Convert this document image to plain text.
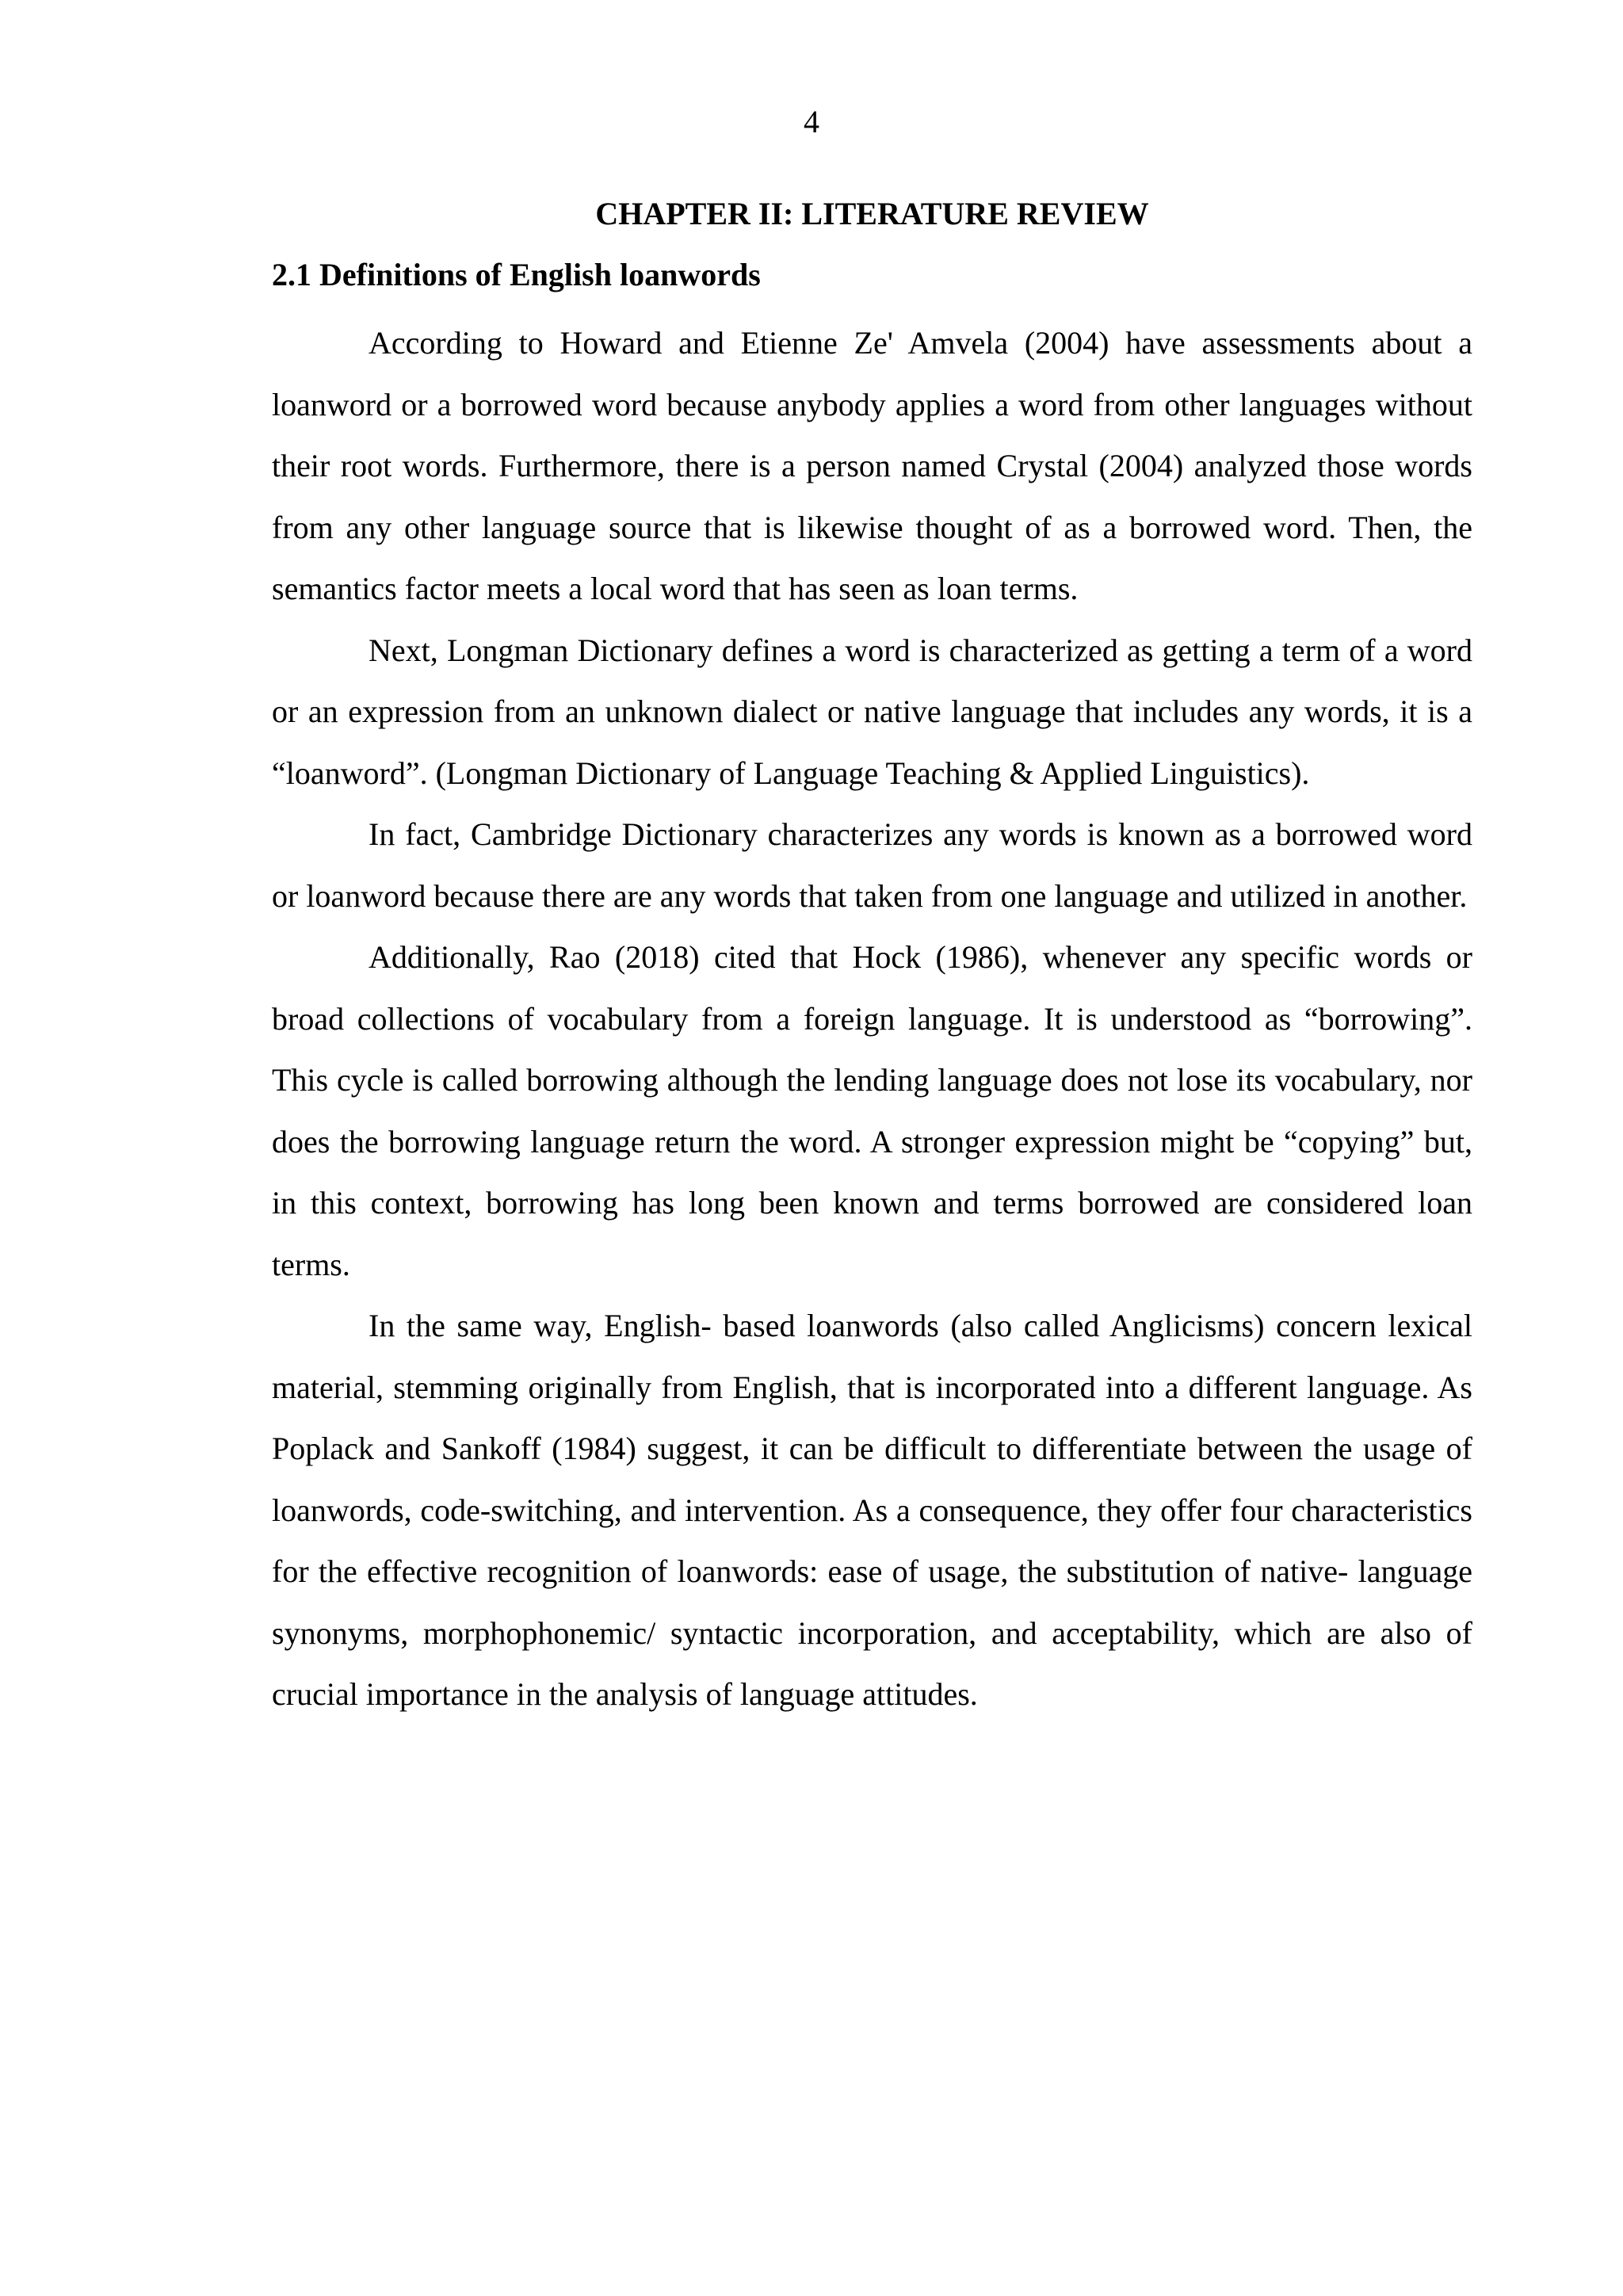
4
CHAPTER II: LITERATURE REVIEW
2.1 Definitions of English loanwords

According to Howard and Etienne Ze' Amvela (2004) have assessments about a loanword or a borrowed word because anybody applies a word from other languages without their root words. Furthermore, there is a person named Crystal (2004) analyzed those words from any other language source that is likewise thought of as a borrowed word. Then, the semantics factor meets a local word that has seen as loan terms.

Next, Longman Dictionary defines a word is characterized as getting a term of a word or an expression from an unknown dialect or native language that includes any words, it is a “loanword”. (Longman Dictionary of Language Teaching & Applied Linguistics).

In fact, Cambridge Dictionary characterizes any words is known as a borrowed word or loanword because there are any words that taken from one language and utilized in another.

Additionally, Rao (2018) cited that Hock (1986), whenever any specific words or broad collections of vocabulary from a foreign language. It is understood as “borrowing”. This cycle is called borrowing although the lending language does not lose its vocabulary, nor does the borrowing language return the word. A stronger expression might be “copying” but, in this context, borrowing has long been known and terms borrowed are considered loan terms.

In the same way, English- based loanwords (also called Anglicisms) concern lexical material, stemming originally from English, that is incorporated into a different language. As Poplack and Sankoff (1984) suggest, it can be difficult to differentiate between the usage of loanwords, code-switching, and intervention. As a consequence, they offer four characteristics for the effective recognition of loanwords: ease of usage, the substitution of native- language synonyms, morphophonemic/ syntactic incorporation, and acceptability, which are also of crucial importance in the analysis of language attitudes.
